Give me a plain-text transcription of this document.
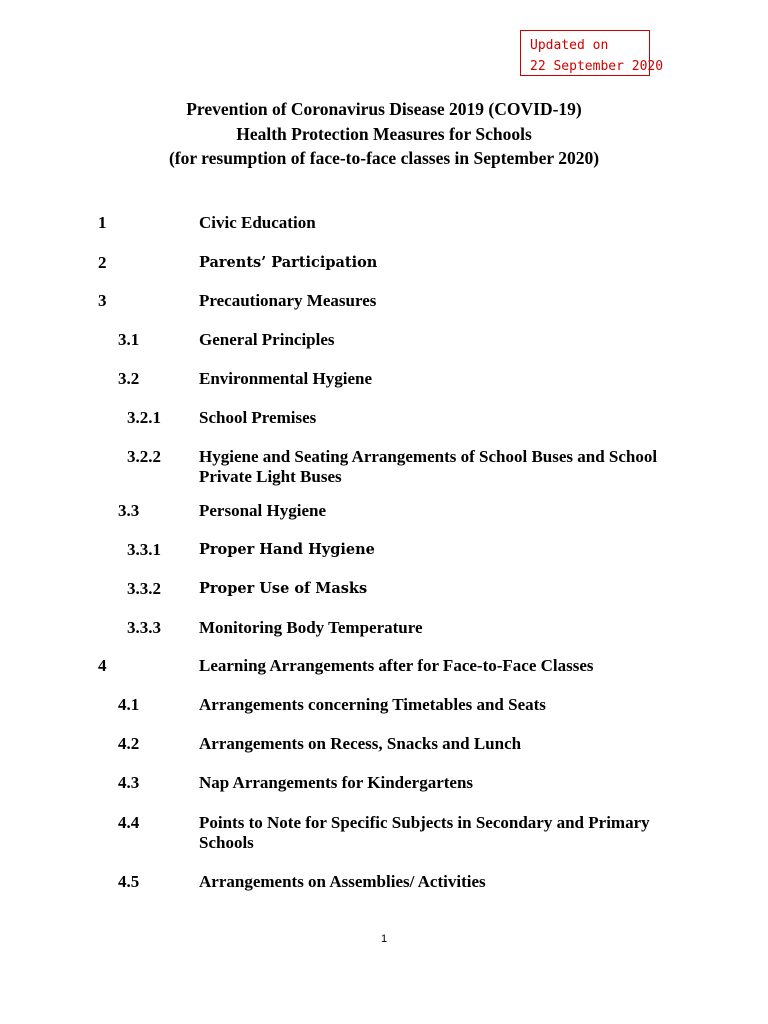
Updated on
22 September 2020
Prevention of Coronavirus Disease 2019 (COVID-19)
Health Protection Measures for Schools
(for resumption of face-to-face classes in September 2020)
1	Civic Education
2	Parents’ Participation
3	Precautionary Measures
3.1	General Principles
3.2	Environmental Hygiene
3.2.1 School Premises
3.2.2 Hygiene and Seating Arrangements of School Buses and School Private Light Buses
3.3	Personal Hygiene
3.3.1	Proper Hand Hygiene
3.3.2	Proper Use of Masks
3.3.3 Monitoring Body Temperature
4	Learning Arrangements after for Face-to-Face Classes
4.1	Arrangements concerning Timetables and Seats
4.2	Arrangements on Recess, Snacks and Lunch
4.3	Nap Arrangements for Kindergartens
4.4	Points to Note for Specific Subjects in Secondary and Primary Schools
4.5	Arrangements on Assemblies/ Activities
1
